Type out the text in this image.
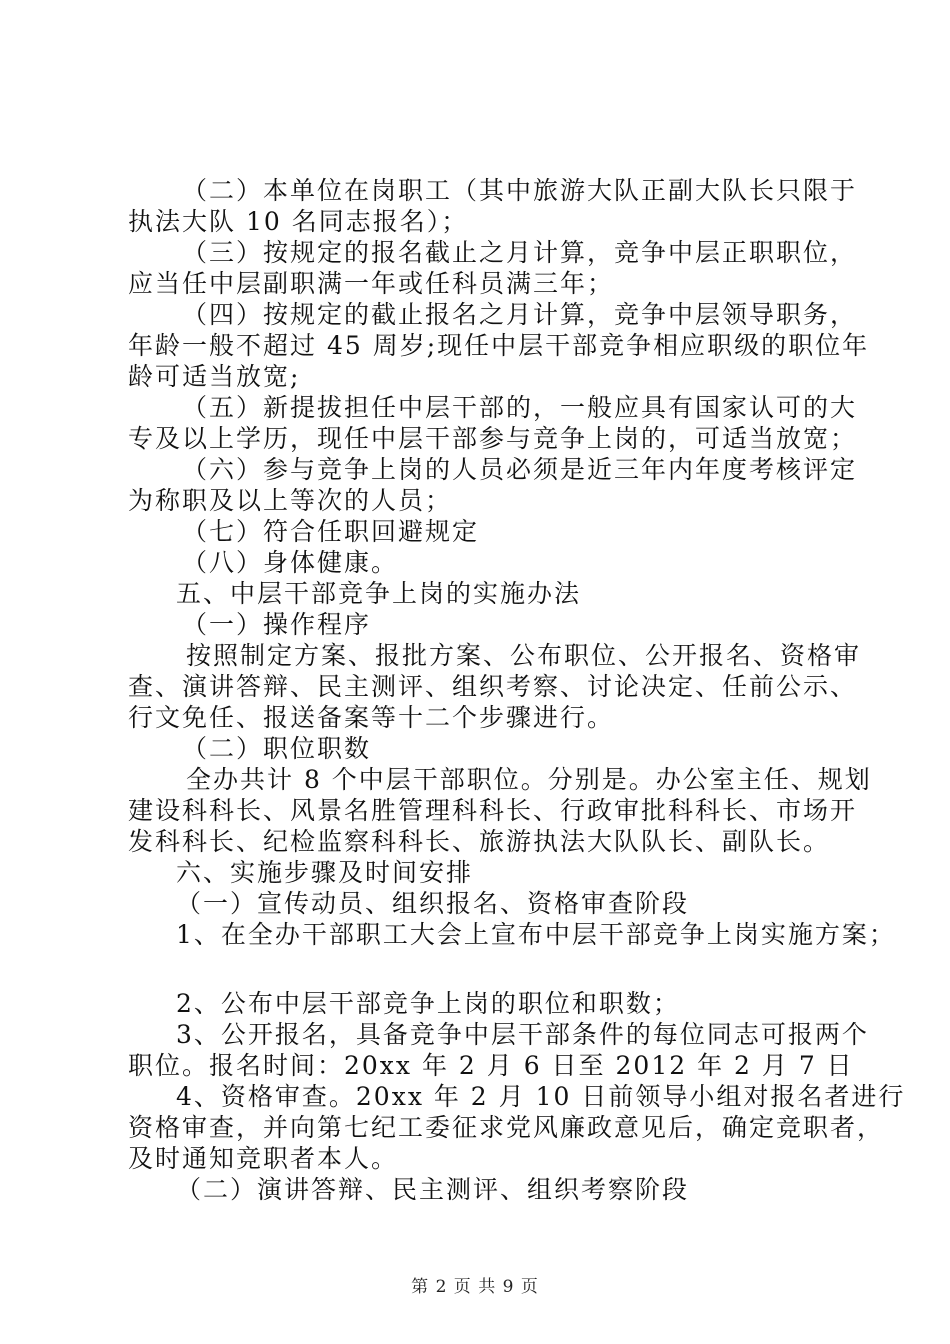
（二）本单位在岗职工（其中旅游大队正副大队长只限于
执法大队 10 名同志报名）；
（三）按规定的报名截止之月计算，竞争中层正职职位，
应当任中层副职满一年或任科员满三年；
（四）按规定的截止报名之月计算，竞争中层领导职务，
年龄一般不超过 45 周岁;现任中层干部竞争相应职级的职位年
龄可适当放宽;
（五）新提拔担任中层干部的，一般应具有国家认可的大
专及以上学历，现任中层干部参与竞争上岗的，可适当放宽；
（六）参与竞争上岗的人员必须是近三年内年度考核评定
为称职及以上等次的人员；
（七）符合任职回避规定
（八）身体健康。
五、中层干部竞争上岗的实施办法
（一）操作程序
按照制定方案、报批方案、公布职位、公开报名、资格审
查、演讲答辩、民主测评、组织考察、讨论决定、任前公示、
行文免任、报送备案等十二个步骤进行。
（二）职位职数
全办共计 8 个中层干部职位。分别是。办公室主任、规划
建设科科长、风景名胜管理科科长、行政审批科科长、市场开
发科科长、纪检监察科科长、旅游执法大队队长、副队长。
六、实施步骤及时间安排
（一）宣传动员、组织报名、资格审查阶段
1、在全办干部职工大会上宣布中层干部竞争上岗实施方案；
2、公布中层干部竞争上岗的职位和职数；
3、公开报名，具备竞争中层干部条件的每位同志可报两个
职位。报名时间：20xx 年 2 月 6 日至 2012 年 2 月 7 日
4、资格审查。20xx 年 2 月 10 日前领导小组对报名者进行
资格审查，并向第七纪工委征求党风廉政意见后，确定竞职者，
及时通知竞职者本人。
（二）演讲答辩、民主测评、组织考察阶段
第 2 页 共 9 页
